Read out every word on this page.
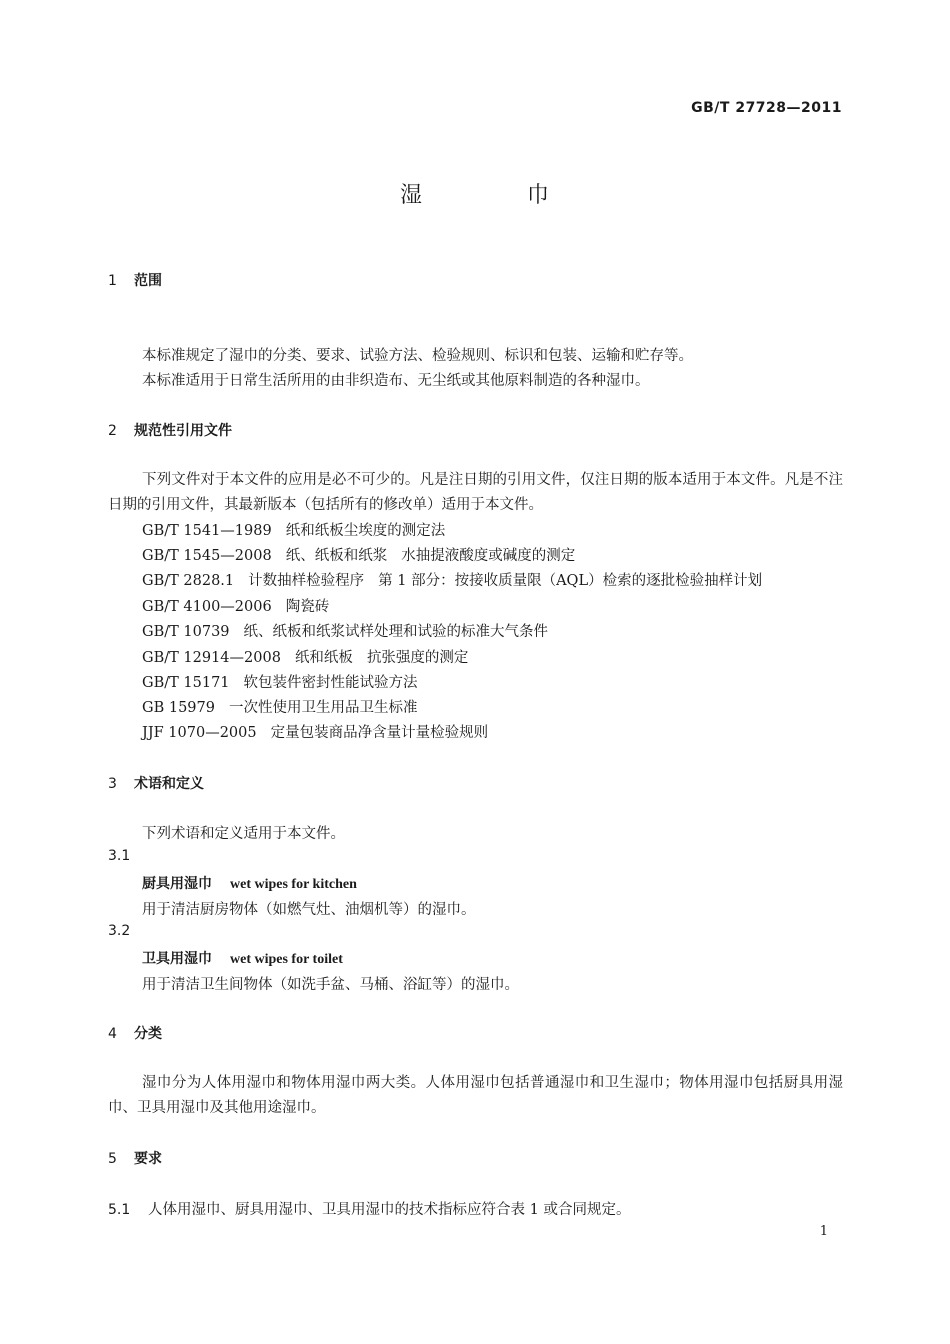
GB/T 27728—2011
湿	巾
1 范围
本标准规定了湿巾的分类、要求、试验方法、检验规则、标识和包装、运输和贮存等。
本标准适用于日常生活所用的由非织造布、无尘纸或其他原料制造的各种湿巾。
2 规范性引用文件
下列文件对于本文件的应用是必不可少的。凡是注日期的引用文件，仅注日期的版本适用于本文件。凡是不注日期的引用文件，其最新版本（包括所有的修改单）适用于本文件。
GB/T 1541—1989 纸和纸板尘埃度的测定法
GB/T 1545—2008 纸、纸板和纸浆 水抽提液酸度或碱度的测定
GB/T 2828.1 计数抽样检验程序 第 1 部分：按接收质量限（AQL）检索的逐批检验抽样计划
GB/T 4100—2006 陶瓷砖
GB/T 10739 纸、纸板和纸浆试样处理和试验的标准大气条件
GB/T 12914—2008 纸和纸板 抗张强度的测定
GB/T 15171 软包装件密封性能试验方法
GB 15979 一次性使用卫生用品卫生标准
JJF 1070—2005 定量包装商品净含量计量检验规则
3 术语和定义
下列术语和定义适用于本文件。
3.1
厨具用湿巾 wet wipes for kitchen
用于清洁厨房物体（如燃气灶、油烟机等）的湿巾。
3.2
卫具用湿巾 wet wipes for toilet
用于清洁卫生间物体（如洗手盆、马桶、浴缸等）的湿巾。
4 分类
湿巾分为人体用湿巾和物体用湿巾两大类。人体用湿巾包括普通湿巾和卫生湿巾；物体用湿巾包括厨具用湿巾、卫具用湿巾及其他用途湿巾。
5 要求
5.1 人体用湿巾、厨具用湿巾、卫具用湿巾的技术指标应符合表 1 或合同规定。
1
